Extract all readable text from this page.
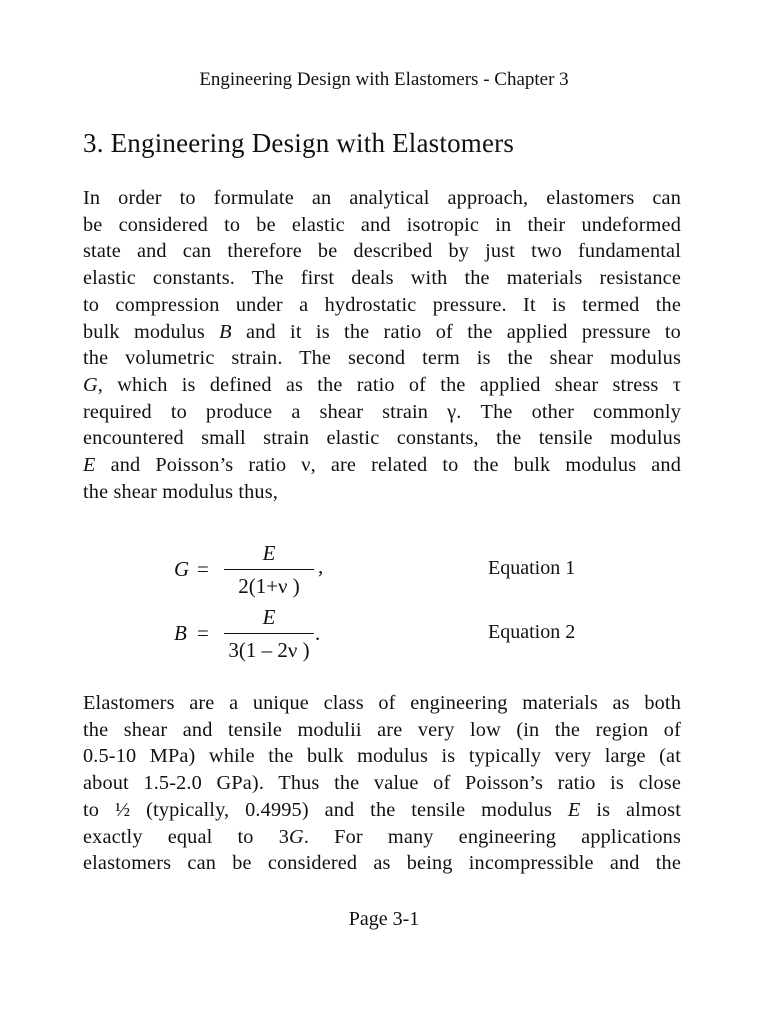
Engineering Design with Elastomers - Chapter 3
3. Engineering Design with Elastomers
In order to formulate an analytical approach, elastomers can
be considered to be elastic and isotropic in their undeformed
state and can therefore be described by just two fundamental
elastic constants. The first deals with the materials resistance
to compression under a hydrostatic pressure. It is termed the
bulk modulus B and it is the ratio of the applied pressure to
the volumetric strain. The second term is the shear modulus
G, which is defined as the ratio of the applied shear stress τ
required to produce a shear strain γ. The other commonly
encountered small strain elastic constants, the tensile modulus
E and Poisson’s ratio ν, are related to the bulk modulus and
the shear modulus thus,
G =
E
2(1+ν )
,	Equation 1
B =
E
3(1 – 2ν )
.	Equation 2
Elastomers are a unique class of engineering materials as both
the shear and tensile modulii are very low (in the region of
0.5-10 MPa) while the bulk modulus is typically very large (at
about 1.5-2.0 GPa). Thus the value of Poisson’s ratio is close
to ½ (typically, 0.4995) and the tensile modulus E is almost
exactly equal to 3G. For many engineering applications
elastomers can be considered as being incompressible and the
Page 3-1
